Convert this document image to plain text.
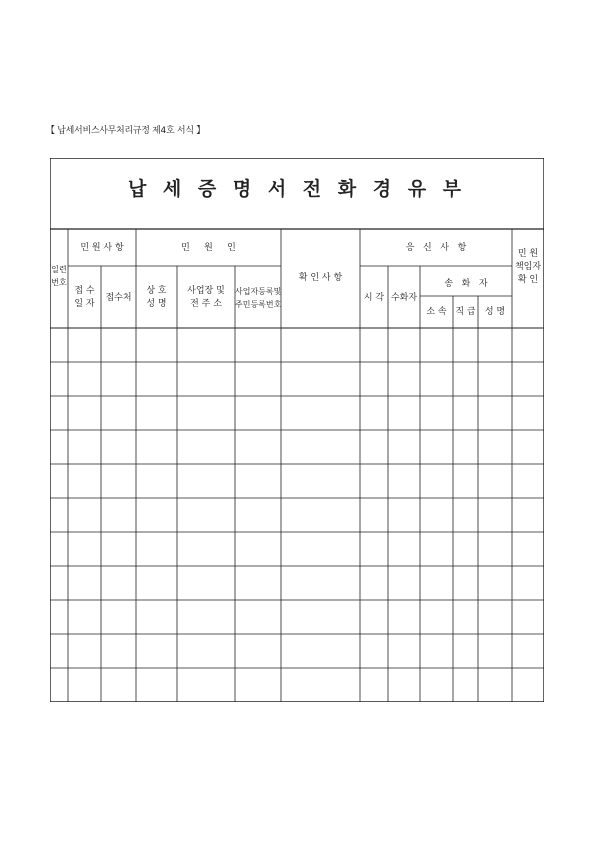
【 납세서비스사무처리규정 제4호 서식 】
납 세 증 명 서 전 화 경 유 부
일련
번호
민 원 사 항	민     원     인
접 수
일 자
접수처
상 호
성 명
사업장 및
전 주 소
사업자등록및
주민등록번호
확 인 사 항
응   신   사   항
시 각 수화자
송   화   자
소 속 직 급	성 명
민 원
책임자
확 인
